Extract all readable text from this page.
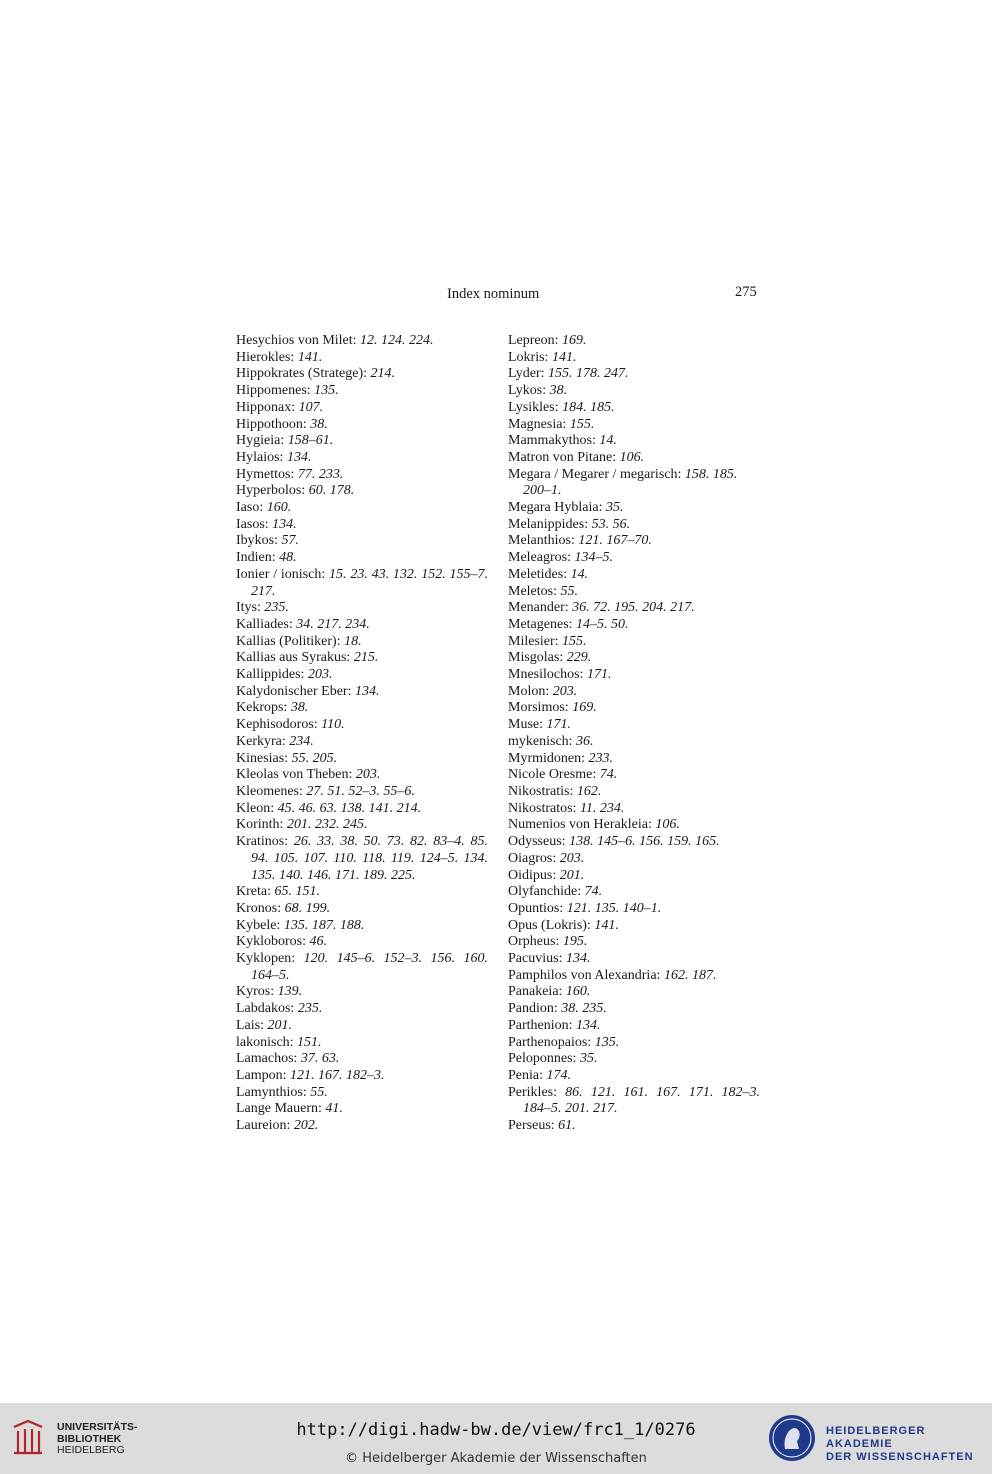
Index nominum	275

Hesychios von Milet: 12. 124. 224.

Hierokles: 141.

Hippokrates (Stratege): 214.

Hippomenes: 135.

Hipponax: 107.

Hippothoon: 38.

Hygieia: 158–61.

Hylaios: 134.

Hymettos: 77. 233.

Hyperbolos: 60. 178.

Iaso: 160.

Iasos: 134.

Ibykos: 57.

Indien: 48.

Ionier / ionisch: 15. 23. 43. 132. 152. 155–7. 217.

Itys: 235.

Kalliades: 34. 217. 234.

Kallias (Politiker): 18.

Kallias aus Syrakus: 215.

Kallippides: 203.

Kalydonischer Eber: 134.

Kekrops: 38.

Kephisodoros: 110.

Kerkyra: 234.

Kinesias: 55. 205.

Kleolas von Theben: 203.

Kleomenes: 27. 51. 52–3. 55–6.

Kleon: 45. 46. 63. 138. 141. 214.

Korinth: 201. 232. 245.

Kratinos: 26. 33. 38. 50. 73. 82. 83–4. 85. 94. 105. 107. 110. 118. 119. 124–5. 134. 135. 140. 146. 171. 189. 225.

Kreta: 65. 151.

Kronos: 68. 199.

Kybele: 135. 187. 188.

Kykloboros: 46.

Kyklopen: 120. 145–6. 152–3. 156. 160. 164–5.

Kyros: 139.

Labdakos: 235.

Lais: 201.

lakonisch: 151.

Lamachos: 37. 63.

Lampon: 121. 167. 182–3.

Lamynthios: 55.

Lange Mauern: 41.

Laureion: 202.

Lepreon: 169.

Lokris: 141.

Lyder: 155. 178. 247.

Lykos: 38.

Lysikles: 184. 185.

Magnesia: 155.

Mammakythos: 14.

Matron von Pitane: 106.

Megara / Megarer / megarisch: 158. 185. 200–1.

Megara Hyblaia: 35.

Melanippides: 53. 56.

Melanthios: 121. 167–70.

Meleagros: 134–5.

Meletides: 14.

Meletos: 55.

Menander: 36. 72. 195. 204. 217.

Metagenes: 14–5. 50.

Milesier: 155.

Misgolas: 229.

Mnesilochos: 171.

Molon: 203.

Morsimos: 169.

Muse: 171.

mykenisch: 36.

Myrmidonen: 233.

Nicole Oresme: 74.

Nikostratis: 162.

Nikostratos: 11. 234.

Numenios von Herakleia: 106.

Odysseus: 138. 145–6. 156. 159. 165.

Oiagros: 203.

Oidipus: 201.

Olyfanchide: 74.

Opuntios: 121. 135. 140–1.

Opus (Lokris): 141.

Orpheus: 195.

Pacuvius: 134.

Pamphilos von Alexandria: 162. 187.

Panakeia: 160.

Pandion: 38. 235.

Parthenion: 134.

Parthenopaios: 135.

Peloponnes: 35.

Penia: 174.

Perikles: 86. 121. 161. 167. 171. 182–3. 184–5. 201. 217.

Perseus: 61.

UNIVERSITÄTS-
BIBLIOTHEK
HEIDELBERG
http://digi.hadw-bw.de/view/frc1_1/0276
© Heidelberger Akademie der Wissenschaften
HEIDELBERGER AKADEMIE
DER WISSENSCHAFTEN
